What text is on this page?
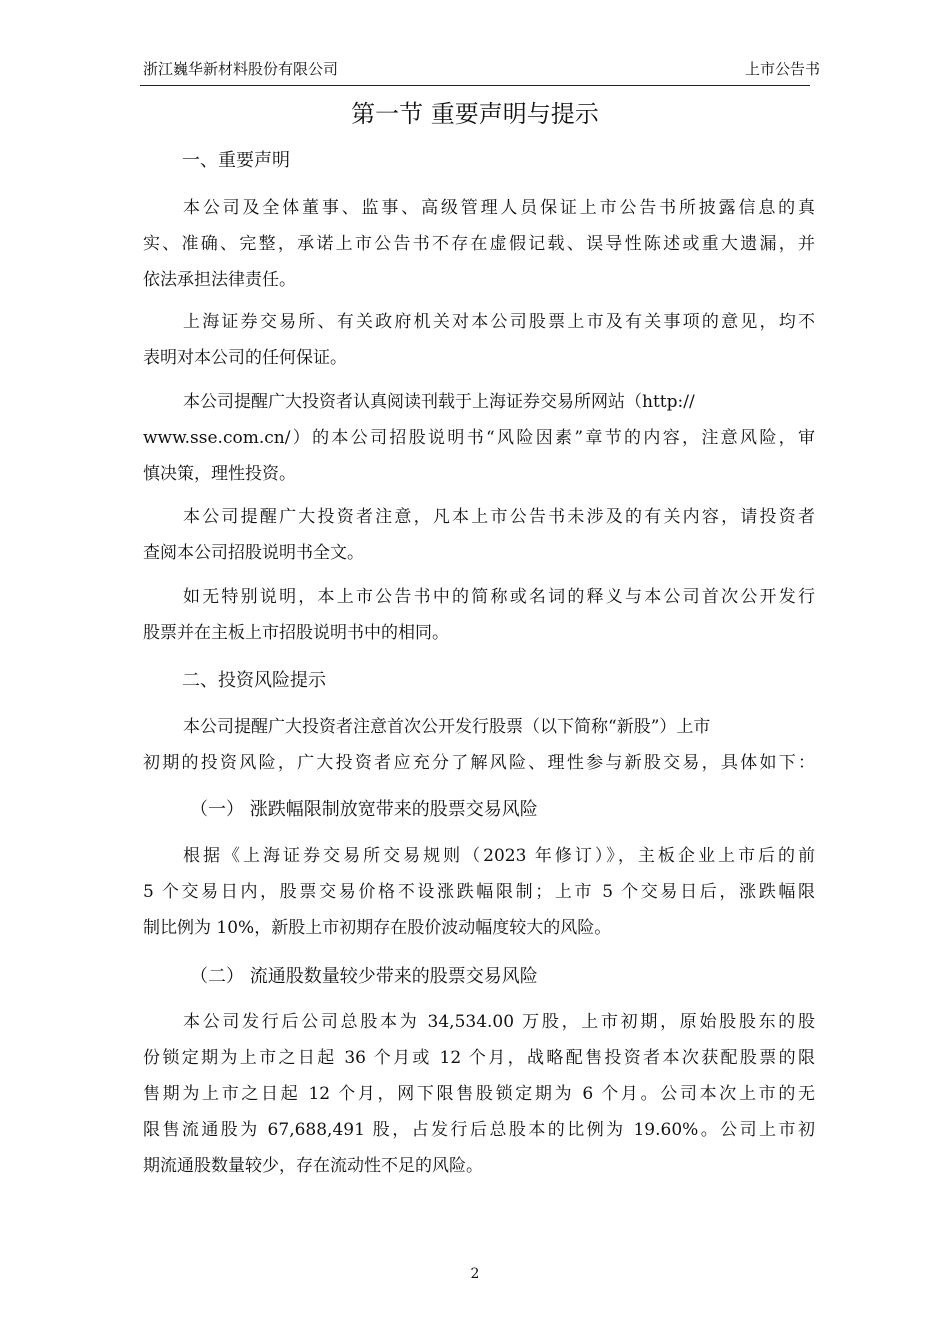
浙江巍华新材料股份有限公司	上市公告书
第一节 重要声明与提示
一、重要声明
本公司及全体董事、监事、高级管理人员保证上市公告书所披露信息的真
实、准确、完整，承诺上市公告书不存在虚假记载、误导性陈述或重大遗漏，并
依法承担法律责任。
上海证券交易所、有关政府机关对本公司股票上市及有关事项的意见，均不
表明对本公司的任何保证。
本公司提醒广大投资者认真阅读刊载于上海证券交易所网站（http://
www.sse.com.cn/）的本公司招股说明书“风险因素”章节的内容，注意风险，审
慎决策，理性投资。
本公司提醒广大投资者注意，凡本上市公告书未涉及的有关内容，请投资者
查阅本公司招股说明书全文。
如无特别说明，本上市公告书中的简称或名词的释义与本公司首次公开发行
股票并在主板上市招股说明书中的相同。
二、投资风险提示
本公司提醒广大投资者注意首次公开发行股票（以下简称“新股”）上市
初期的投资风险，广大投资者应充分了解风险、理性参与新股交易，具体如下：
（一） 涨跌幅限制放宽带来的股票交易风险
根据《上海证券交易所交易规则（2023 年修订）》，主板企业上市后的前
5 个交易日内，股票交易价格不设涨跌幅限制；上市 5 个交易日后，涨跌幅限
制比例为 10%，新股上市初期存在股价波动幅度较大的风险。
（二） 流通股数量较少带来的股票交易风险
本公司发行后公司总股本为 34,534.00 万股，上市初期，原始股股东的股
份锁定期为上市之日起 36 个月或 12 个月，战略配售投资者本次获配股票的限
售期为上市之日起 12 个月，网下限售股锁定期为 6 个月。公司本次上市的无
限售流通股为 67,688,491 股，占发行后总股本的比例为 19.60%。公司上市初
期流通股数量较少，存在流动性不足的风险。
2
